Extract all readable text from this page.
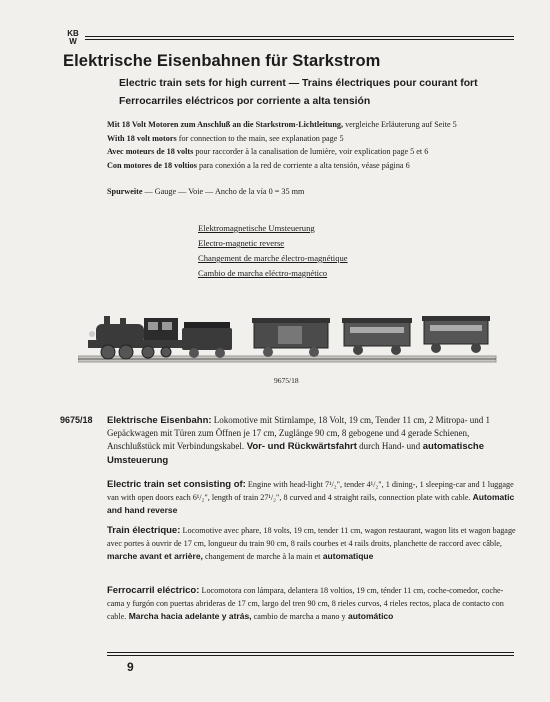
KB
W
Elektrische Eisenbahnen für Starkstrom
Electric train sets for high current — Trains électriques pour courant fort
Ferrocarriles eléctricos por corriente a alta tensión
Mit 18 Volt Motoren zum Anschluß an die Starkstrom-Lichtleitung, vergleiche Erläuterung auf Seite 5
With 18 volt motors for connection to the main, see explanation page 5
Avec moteurs de 18 volts pour raccorder à la canalisation de lumière, voir explication page 5 et 6
Con motores de 18 voltios para conexión a la red de corriente a alta tensión, véase página 6
Spurweite — Gauge — Voie — Ancho de la vía 0 = 35 mm
Elektromagnetische Umsteuerung
Electro-magnetic reverse
Changement de marche électro-magnétique
Cambio de marcha eléctro-magnético
9675/18
9675/18 Elektrische Eisenbahn: Lokomotive mit Stirnlampe, 18 Volt, 19 cm, Tender 11 cm, 2 Mitropa- und 1 Gepäckwagen mit Türen zum Öffnen je 17 cm, Zuglänge 90 cm, 8 gebogene und 4 gerade Schienen, Anschlußstück mit Verbindungskabel. Vor- und Rückwärtsfahrt durch Hand- und automatische Umsteuerung
Electric train set consisting of: Engine with head-light 7¹/₂", tender 4¹/₂", 1 dining-, 1 sleeping-car and 1 luggage van with open doors each 6¹/₂", length of train 27¹/₂", 8 curved and 4 straight rails, connection plate with cable. Automatic and hand reverse
Train électrique: Locomotive avec phare, 18 volts, 19 cm, tender 11 cm, wagon restaurant, wagon lits et wagon bagage avec portes à ouvrir de 17 cm, longueur du train 90 cm, 8 rails courbes et 4 rails droits, planchette de raccord avec câble, marche avant et arrière, changement de marche à la main et automatique
Ferrocarril eléctrico: Locomotora con lámpara, delantera 18 voltios, 19 cm, ténder 11 cm, coche-comedor, coche-cama y furgón con puertas abrideras de 17 cm, largo del tren 90 cm, 8 rieles curvos, 4 rieles rectos, placa de contacto con cable. Marcha hacia adelante y atrás, cambio de marcha a mano y automático
9
